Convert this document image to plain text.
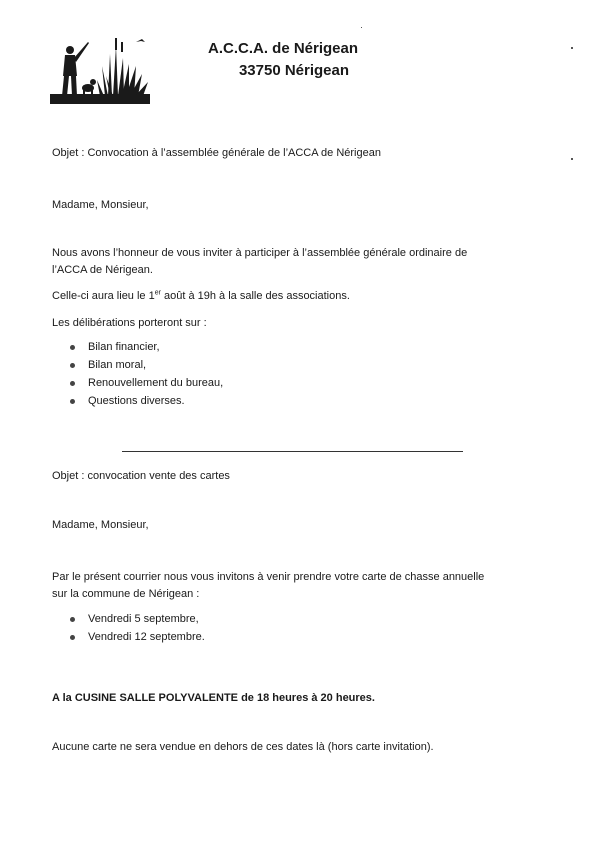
A.C.C.A. de Nérigean
33750 Nérigean
Objet : Convocation à l’assemblée générale de l’ACCA de Nérigean
Madame, Monsieur,
Nous avons l’honneur de vous inviter à participer à l’assemblée générale ordinaire de l’ACCA de Nérigean.
Celle-ci aura lieu le 1er août à 19h à la salle des associations.
Les délibérations porteront sur :
Bilan financier,
Bilan moral,
Renouvellement du bureau,
Questions diverses.
Objet : convocation vente des cartes
Madame, Monsieur,
Par le présent courrier nous vous invitons à venir prendre votre carte de chasse annuelle sur la commune de Nérigean :
Vendredi 5 septembre,
Vendredi 12 septembre.
A la CUSINE SALLE POLYVALENTE de 18 heures à 20 heures.
Aucune carte ne sera vendue en dehors de ces dates là (hors carte invitation).
